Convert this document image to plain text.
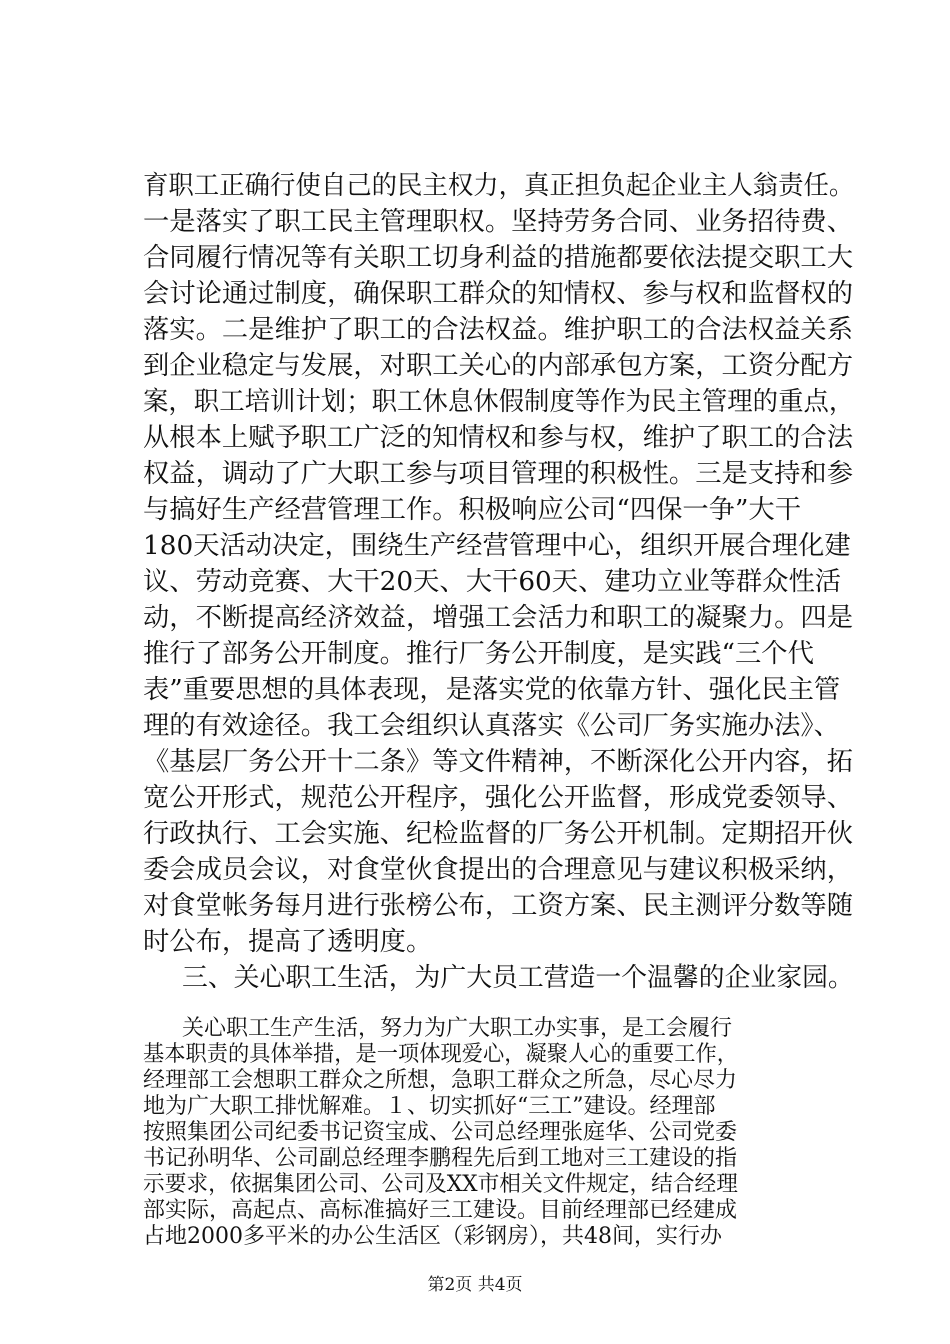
育职工正确行使自己的民主权力，真正担负起企业主人翁责任。
一是落实了职工民主管理职权。坚持劳务合同、业务招待费、
合同履行情况等有关职工切身利益的措施都要依法提交职工大
会讨论通过制度，确保职工群众的知情权、参与权和监督权的
落实。二是维护了职工的合法权益。维护职工的合法权益关系
到企业稳定与发展，对职工关心的内部承包方案，工资分配方
案，职工培训计划；职工休息休假制度等作为民主管理的重点，
从根本上赋予职工广泛的知情权和参与权，维护了职工的合法
权益，调动了广大职工参与项目管理的积极性。三是支持和参
与搞好生产经营管理工作。积极响应公司“四保一争”大干
180天活动决定，围绕生产经营管理中心，组织开展合理化建
议、劳动竞赛、大干20天、大干60天、建功立业等群众性活
动，不断提高经济效益，增强工会活力和职工的凝聚力。四是
推行了部务公开制度。推行厂务公开制度，是实践“三个代
表”重要思想的具体表现，是落实党的依靠方针、强化民主管
理的有效途径。我工会组织认真落实《公司厂务实施办法》、
《基层厂务公开十二条》等文件精神，不断深化公开内容，拓
宽公开形式，规范公开程序，强化公开监督，形成党委领导、
行政执行、工会实施、纪检监督的厂务公开机制。定期招开伙
委会成员会议，对食堂伙食提出的合理意见与建议积极采纳，
对食堂帐务每月进行张榜公布，工资方案、民主测评分数等随
时公布，提高了透明度。
三、关心职工生活，为广大员工营造一个温馨的企业家园。
关心职工生产生活，努力为广大职工办实事，是工会履行
基本职责的具体举措，是一项体现爱心，凝聚人心的重要工作，
经理部工会想职工群众之所想，急职工群众之所急，尽心尽力
地为广大职工排忧解难。１、切实抓好“三工”建设。经理部
按照集团公司纪委书记资宝成、公司总经理张庭华、公司党委
书记孙明华、公司副总经理李鹏程先后到工地对三工建设的指
示要求，依据集团公司、公司及XX市相关文件规定，结合经理
部实际，高起点、高标准搞好三工建设。目前经理部已经建成
占地2000多平米的办公生活区（彩钢房），共48间，实行办
第2页 共4页
